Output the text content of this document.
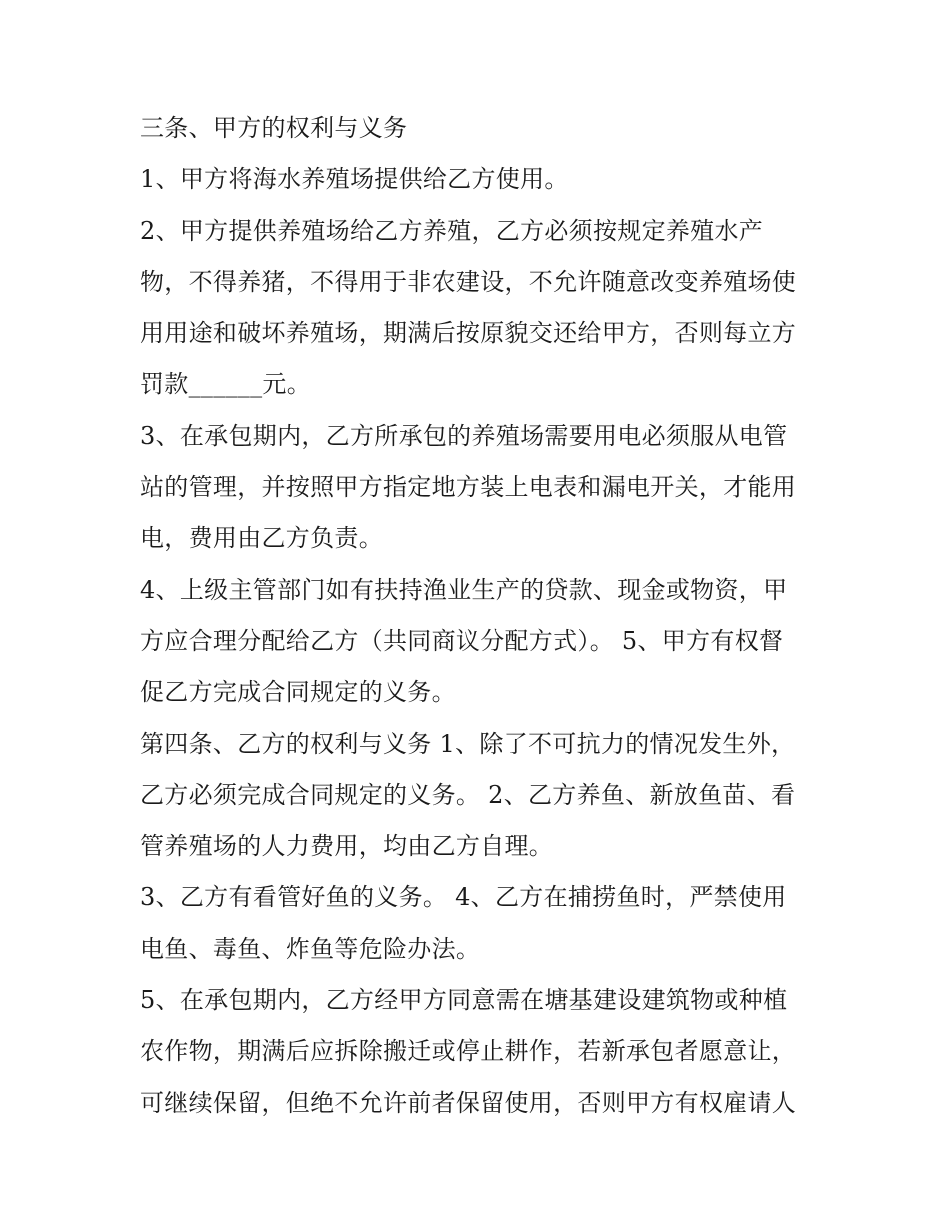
三条、甲方的权利与义务
1、甲方将海水养殖场提供给乙方使用。
2、甲方提供养殖场给乙方养殖，乙方必须按规定养殖水产
物，不得养猪，不得用于非农建设，不允许随意改变养殖场使
用用途和破坏养殖场，期满后按原貌交还给甲方，否则每立方
罚款______元。
3、在承包期内，乙方所承包的养殖场需要用电必须服从电管
站的管理，并按照甲方指定地方装上电表和漏电开关，才能用
电，费用由乙方负责。
4、上级主管部门如有扶持渔业生产的贷款、现金或物资，甲
方应合理分配给乙方（共同商议分配方式）。 5、甲方有权督
促乙方完成合同规定的义务。
第四条、乙方的权利与义务 1、除了不可抗力的情况发生外，
乙方必须完成合同规定的义务。 2、乙方养鱼、新放鱼苗、看
管养殖场的人力费用，均由乙方自理。
3、乙方有看管好鱼的义务。 4、乙方在捕捞鱼时，严禁使用
电鱼、毒鱼、炸鱼等危险办法。
5、在承包期内，乙方经甲方同意需在塘基建设建筑物或种植
农作物，期满后应拆除搬迁或停止耕作，若新承包者愿意让，
可继续保留，但绝不允许前者保留使用，否则甲方有权雇请人
